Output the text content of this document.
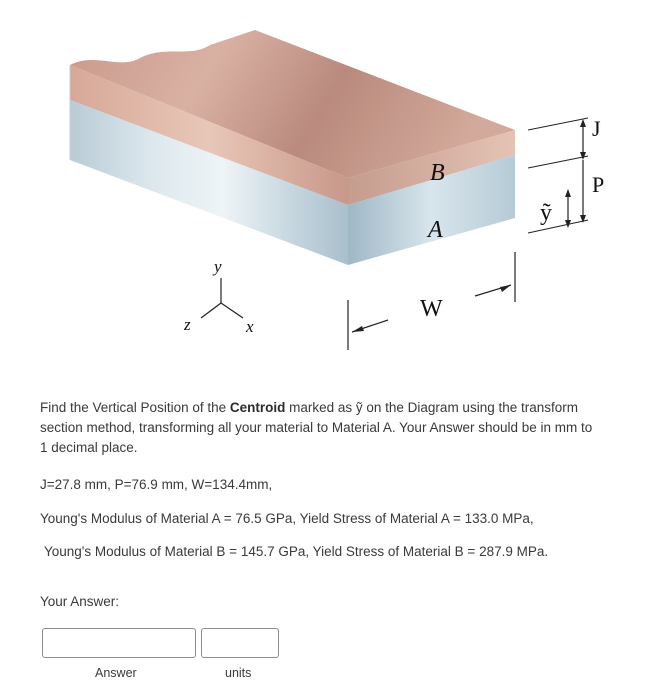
B
A
W
J
P
ỹ
y
z	x
Find the Vertical Position of the Centroid marked as ỹ on the Diagram using the transform section method, transforming all your material to Material A. Your Answer should be in mm to 1 decimal place.
J=27.8 mm, P=76.9 mm, W=134.4mm,
Young's Modulus of Material A = 76.5 GPa, Yield Stress of Material A = 133.0 MPa,
Young's Modulus of Material B = 145.7 GPa, Yield Stress of Material B = 287.9 MPa.
Your Answer:
Answer	units
